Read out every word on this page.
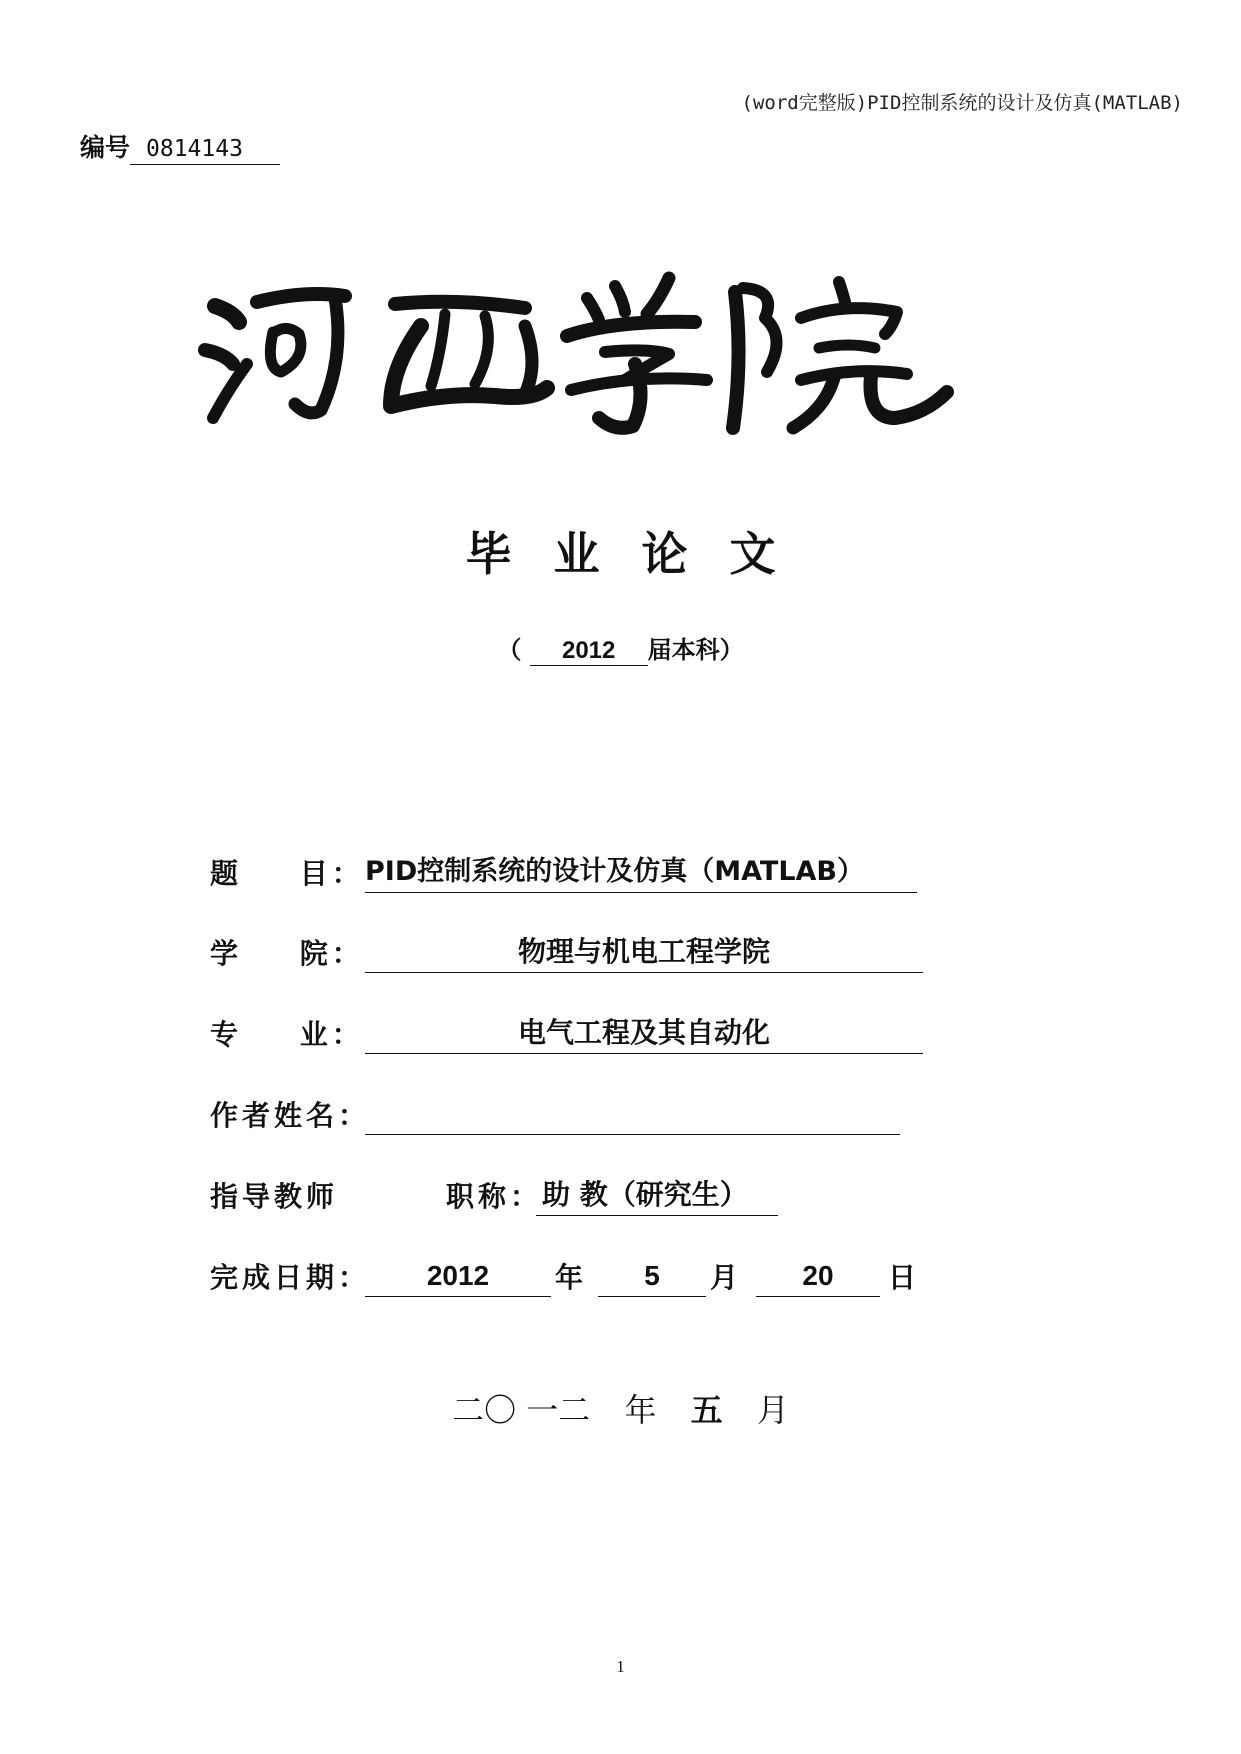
(word完整版)PID控制系统的设计及仿真(MATLAB)
编号 0814143
毕业论文
（ 2012 届本科）
题 目： PID控制系统的设计及仿真（MATLAB）
学 院：	物理与机电工程学院
专 业：	电气工程及其自动化
作者姓名：
指导教师	职称： 助 教（研究生）
完成日期：	2012	年	5	月	20	日
二〇 一二 年 五 月
1
